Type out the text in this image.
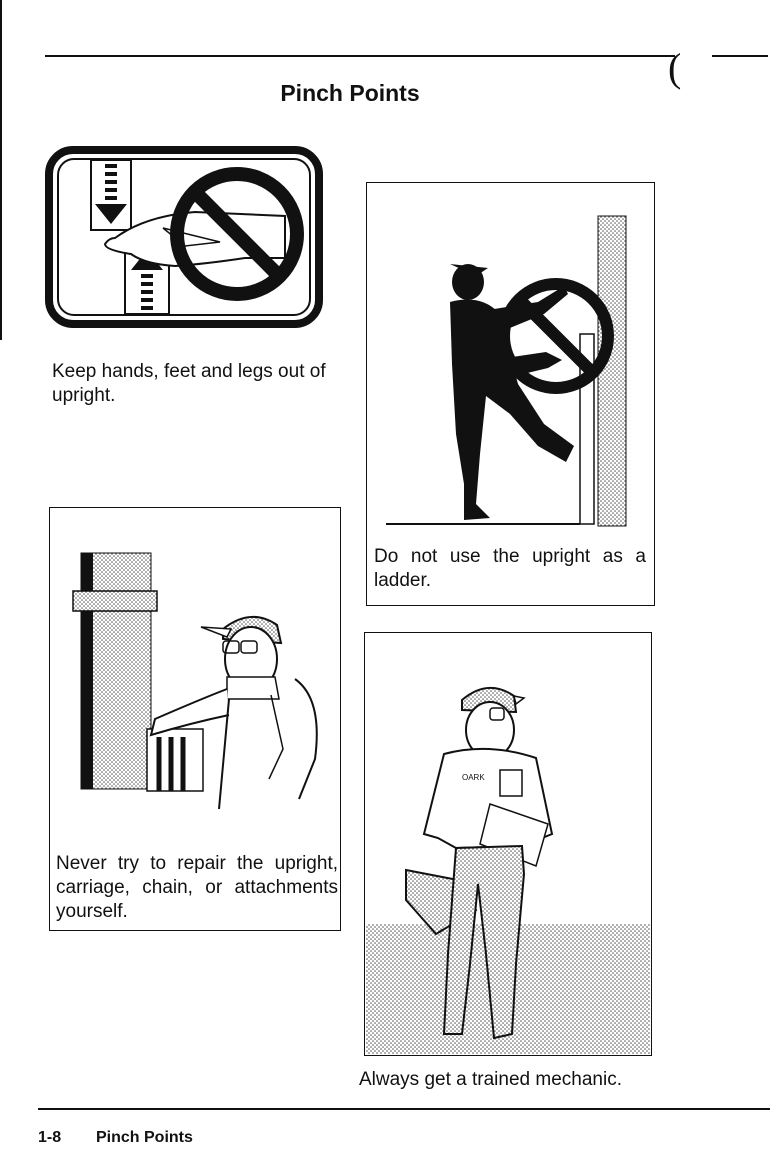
(
Pinch Points
Keep hands, feet and legs out of upright.
Do not use the upright as a ladder.
Never try to repair the upright, carriage, chain, or attachments yourself.
OARK
Always get a trained mechanic.
1-8 Pinch Points
